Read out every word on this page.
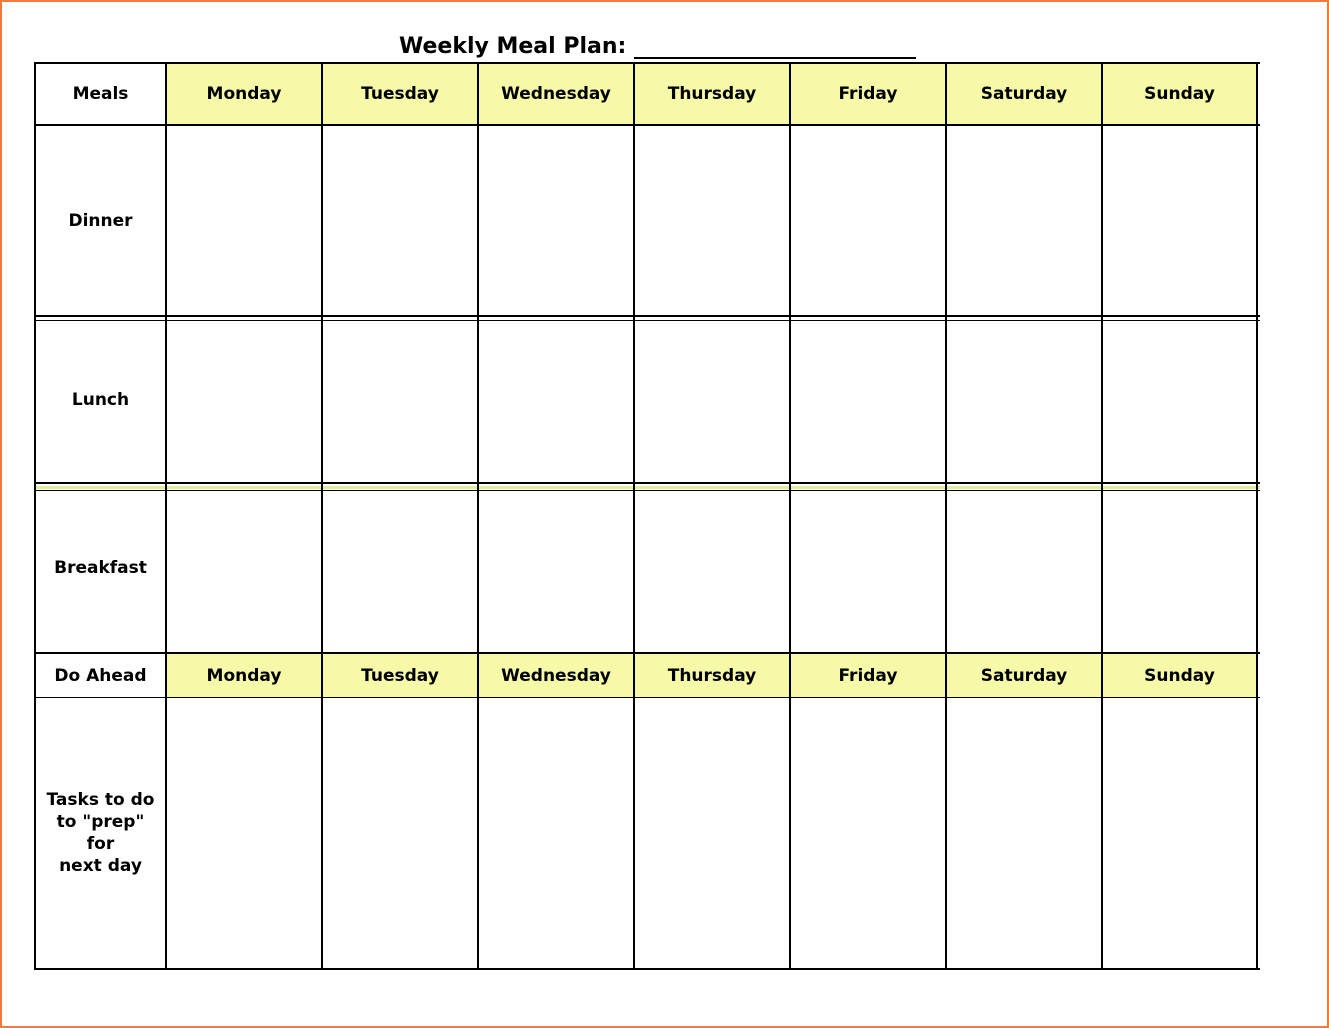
Weekly Meal Plan:
Meals	Monday	Tuesday	Wednesday	Thursday	Friday	Saturday	Sunday
Dinner
Lunch
Breakfast
Do Ahead	Monday	Tuesday	Wednesday	Thursday	Friday	Saturday	Sunday
Tasks to do
to "prep" for
next day
